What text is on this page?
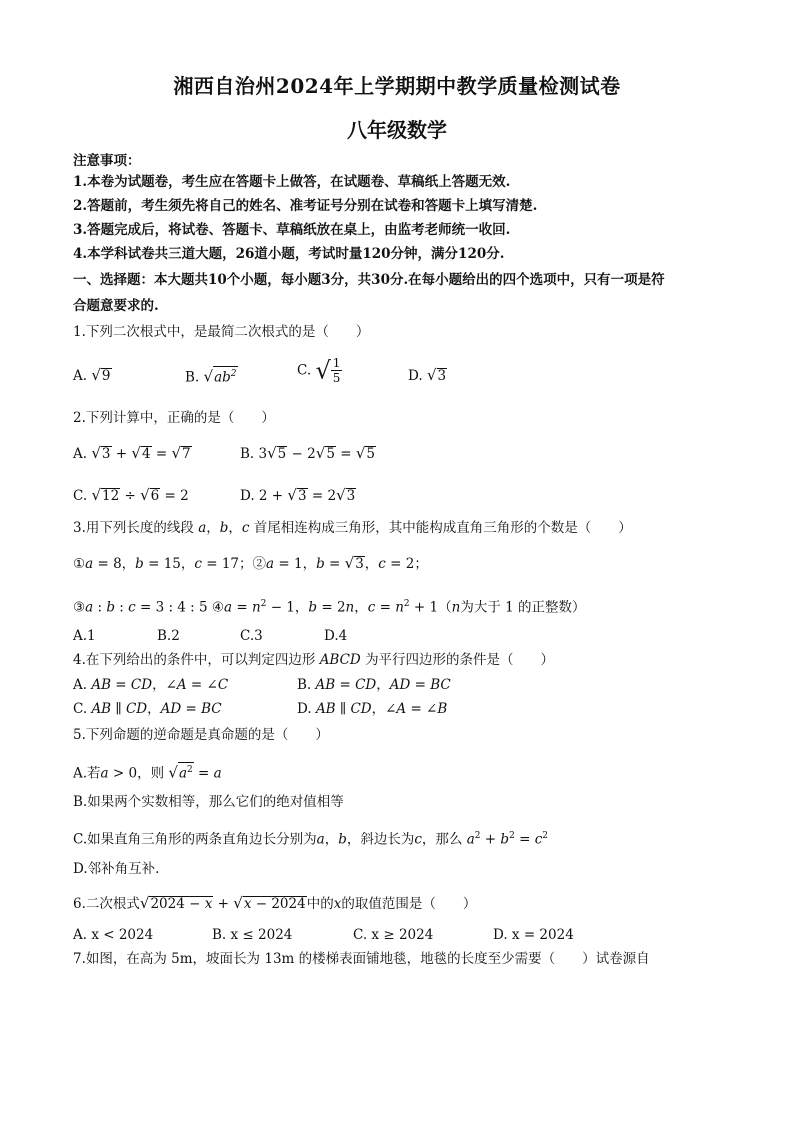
湘西自治州2024年上学期期中教学质量检测试卷
八年级数学
注意事项：
1.本卷为试题卷，考生应在答题卡上做答，在试题卷、草稿纸上答题无效.
2.答题前，考生须先将自己的姓名、准考证号分别在试卷和答题卡上填写清楚.
3.答题完成后，将试卷、答题卡、草稿纸放在桌上，由监考老师统一收回.
4.本学科试卷共三道大题，26道小题，考试时量120分钟，满分120分.
一、选择题：本大题共10个小题，每小题3分，共30分.在每小题给出的四个选项中，只有一项是符
合题意要求的.
1.下列二次根式中，是最简二次根式的是（　　）
A. √9	B. $√ab^2$	C. √ $\frac{1}{5}$	D. √3
2.下列计算中，正确的是（　　）
A. √3 + √4 = √7	B. 3√5 − 2√5 = √5
C. √12 ÷ √6 = 2	D. 2 + √3 = 2√3
3.用下列长度的线段 a，b，c 首尾相连构成三角形，其中能构成直角三角形的个数是（　　）
①a = 8，b = 15，c = 17；②a = 1，b = √3，c = 2；
③a : b : c = 3 : 4 : 5 ④a = $n^2 - 1$，b = 2n，$c = n^2 + 1(n$为大于 1 的正整数）
A.1	B.2	C.3	D.4
4.在下列给出的条件中，可以判定四边形 ABCD 为平行四边形的条件是（　　）
A. AB = CD，∠A = ∠C	B. AB = CD，AD = BC
C. AB ∥ CD，AD = BC	D. AB ∥ CD，∠A = ∠B
5.下列命题的逆命题是真命题的是（　　）
A.若a > 0，则 $√a^2 = a$
B.如果两个实数相等，那么它们的绝对值相等
C.如果直角三角形的两条直角边长分别为a，b，斜边长为c，那么 $a^2 + b^2 = c^2$
D.邻补角互补.
6.二次根式√2024 − x + √x − 2024中的x的取值范围是（　　）
A. x < 2024	B. x ≤ 2024	C. x ≥ 2024	D. x = 2024
7.如图，在高为 5m，坡面长为 13m 的楼梯表面铺地毯，地毯的长度至少需要（　　）试卷源自
